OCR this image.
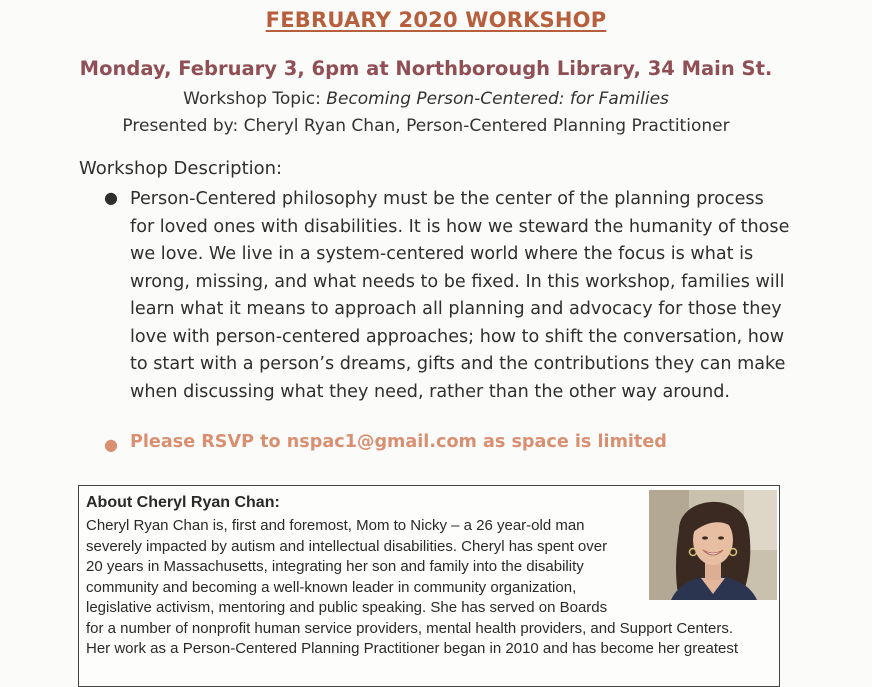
FEBRUARY 2020 WORKSHOP
Monday, February 3, 6pm at Northborough Library, 34 Main St.
Workshop Topic: Becoming Person-Centered: for Families
Presented by: Cheryl Ryan Chan, Person-Centered Planning Practitioner
Workshop Description:
● Person-Centered philosophy must be the center of the planning process for loved ones with disabilities. It is how we steward the humanity of those we love. We live in a system-centered world where the focus is what is wrong, missing, and what needs to be fixed. In this workshop, families will learn what it means to approach all planning and advocacy for those they love with person-centered approaches; how to shift the conversation, how to start with a person’s dreams, gifts and the contributions they can make when discussing what they need, rather than the other way around.
● Please RSVP to nspac1@gmail.com as space is limited
About Cheryl Ryan Chan:
Cheryl Ryan Chan is, first and foremost, Mom to Nicky – a 26 year-old man
severely impacted by autism and intellectual disabilities. Cheryl has spent over
20 years in Massachusetts, integrating her son and family into the disability
community and becoming a well-known leader in community organization,
legislative activism, mentoring and public speaking. She has served on Boards
for a number of nonprofit human service providers, mental health providers, and Support Centers.
Her work as a Person-Centered Planning Practitioner began in 2010 and has become her greatest
